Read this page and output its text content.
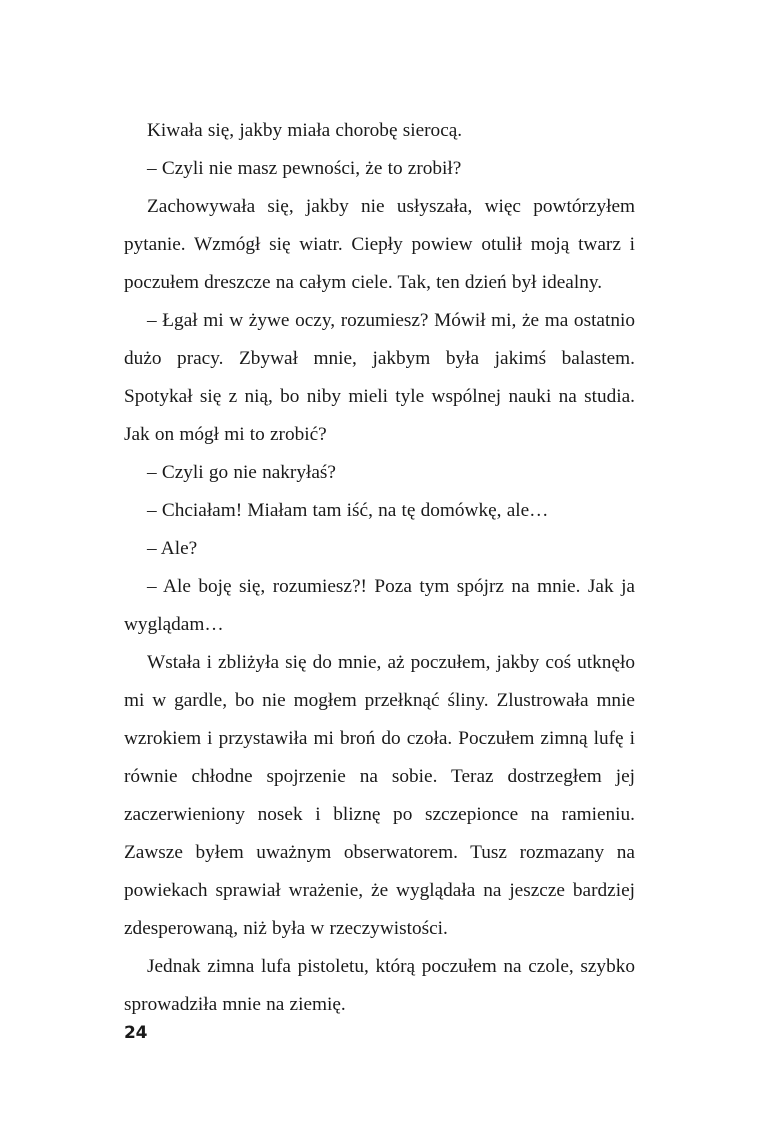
Kiwała się, jakby miała chorobę sierocą.

– Czyli nie masz pewności, że to zrobił?

Zachowywała się, jakby nie usłyszała, więc powtórzyłem pytanie. Wzmógł się wiatr. Ciepły powiew otulił moją twarz i poczułem dreszcze na całym ciele. Tak, ten dzień był idealny.

– Łgał mi w żywe oczy, rozumiesz? Mówił mi, że ma ostatnio dużo pracy. Zbywał mnie, jakbym była jakimś balastem. Spotykał się z nią, bo niby mieli tyle wspólnej nauki na studia. Jak on mógł mi to zrobić?

– Czyli go nie nakryłaś?

– Chciałam! Miałam tam iść, na tę domówkę, ale…

– Ale?

– Ale boję się, rozumiesz?! Poza tym spójrz na mnie. Jak ja wyglądam…

Wstała i zbliżyła się do mnie, aż poczułem, jakby coś utknęło mi w gardle, bo nie mogłem przełknąć śliny. Zlustrowała mnie wzrokiem i przystawiła mi broń do czoła. Poczułem zimną lufę i równie chłodne spojrzenie na sobie. Teraz dostrzegłem jej zaczerwieniony nosek i bliznę po szczepionce na ramieniu. Zawsze byłem uważnym obserwatorem. Tusz rozmazany na powiekach sprawiał wrażenie, że wyglądała na jeszcze bardziej zdesperowaną, niż była w rzeczywistości.

Jednak zimna lufa pistoletu, którą poczułem na czole, szybko sprowadziła mnie na ziemię.

24
